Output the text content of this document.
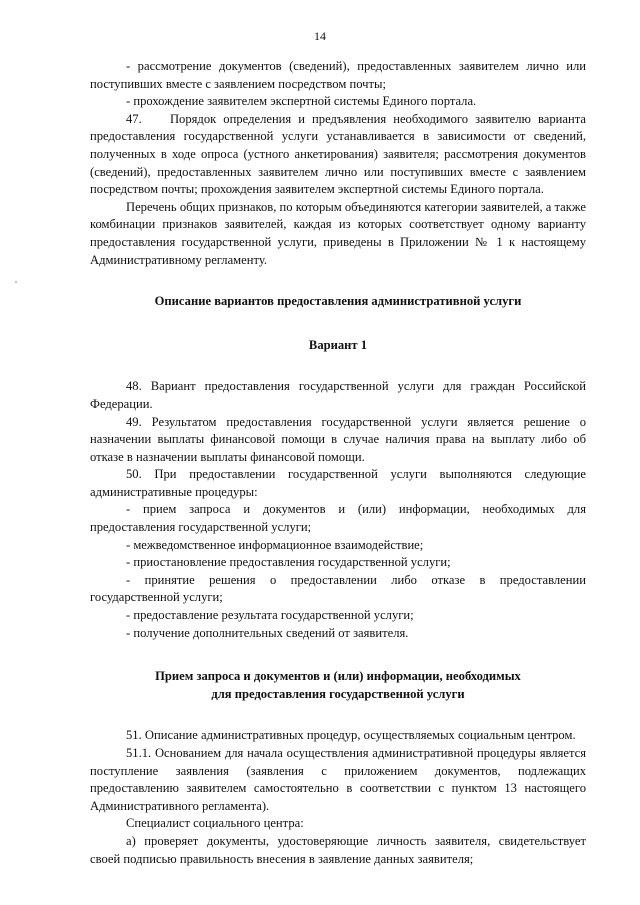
14

- рассмотрение документов (сведений), предоставленных заявителем лично или поступивших вместе с заявлением посредством почты;

- прохождение заявителем экспертной системы Единого портала.

47.    Порядок определения и предъявления необходимого заявителю варианта предоставления государственной услуги устанавливается в зависимости от сведений, полученных в ходе опроса (устного анкетирования) заявителя; рассмотрения документов (сведений), предоставленных заявителем лично или поступивших вместе с заявлением посредством почты; прохождения заявителем экспертной системы Единого портала.

Перечень общих признаков, по которым объединяются категории заявителей, а также комбинации признаков заявителей, каждая из которых соответствует одному варианту предоставления государственной услуги, приведены в Приложении № 1 к настоящему Административному регламенту.

Описание вариантов предоставления административной услуги
Вариант 1

48. Вариант предоставления государственной услуги для граждан Российской Федерации.

49. Результатом предоставления государственной услуги является решение о назначении выплаты финансовой помощи в случае наличия права на выплату либо об отказе в назначении выплаты финансовой помощи.

50. При предоставлении государственной услуги выполняются следующие административные процедуры:

- прием запроса и документов и (или) информации, необходимых для предоставления государственной услуги;

- межведомственное информационное взаимодействие;

- приостановление предоставления государственной услуги;

- принятие решения о предоставлении либо отказе в предоставлении государственной услуги;

- предоставление результата государственной услуги;

- получение дополнительных сведений от заявителя.

Прием запроса и документов и (или) информации, необходимых
для предоставления государственной услуги

51. Описание административных процедур, осуществляемых социальным центром.

51.1. Основанием для начала осуществления административной процедуры является поступление заявления (заявления с приложением документов, подлежащих предоставлению заявителем самостоятельно в соответствии с пунктом 13 настоящего Административного регламента).

Специалист социального центра:

а) проверяет документы, удостоверяющие личность заявителя, свидетельствует своей подписью правильность внесения в заявление данных заявителя;
